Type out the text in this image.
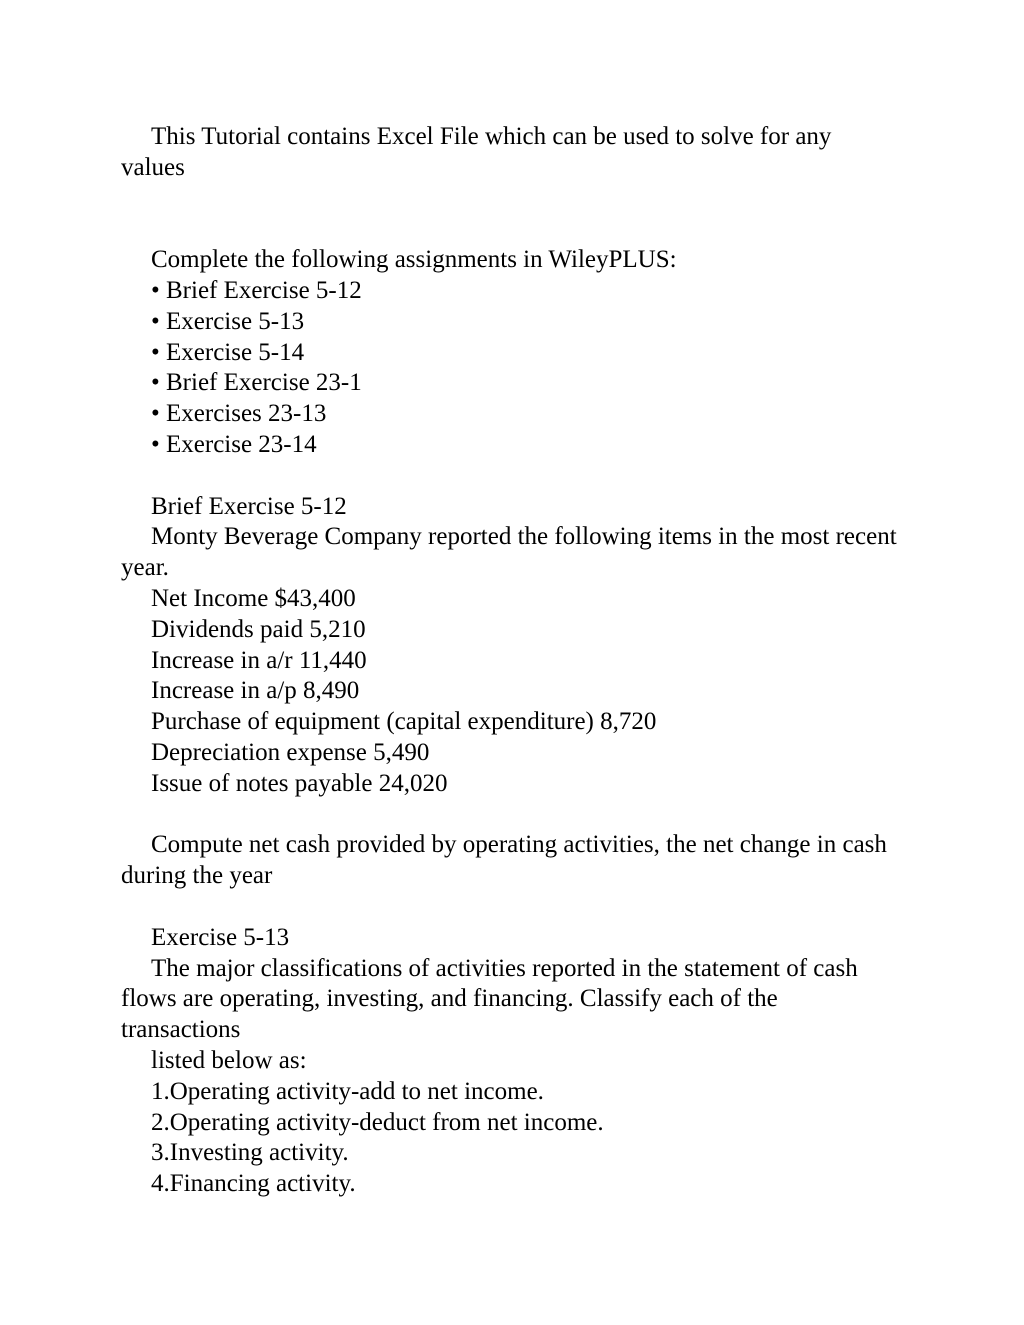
This Tutorial contains Excel File which can be used to solve for any values

Complete the following assignments in WileyPLUS:

• Brief Exercise 5-12

• Exercise 5-13

• Exercise 5-14

• Brief Exercise 23-1

• Exercises 23-13

• Exercise 23-14

Brief Exercise 5-12

Monty Beverage Company reported the following items in the most recent year.

Net Income $43,400

Dividends paid 5,210

Increase in a/r 11,440

Increase in a/p 8,490

Purchase of equipment (capital expenditure) 8,720

Depreciation expense 5,490

Issue of notes payable 24,020

Compute net cash provided by operating activities, the net change in cash during the year

Exercise 5-13

The major classifications of activities reported in the statement of cash flows are operating, investing, and financing. Classify each of the transactions

listed below as:

1.Operating activity-add to net income.

2.Operating activity-deduct from net income.

3.Investing activity.

4.Financing activity.
